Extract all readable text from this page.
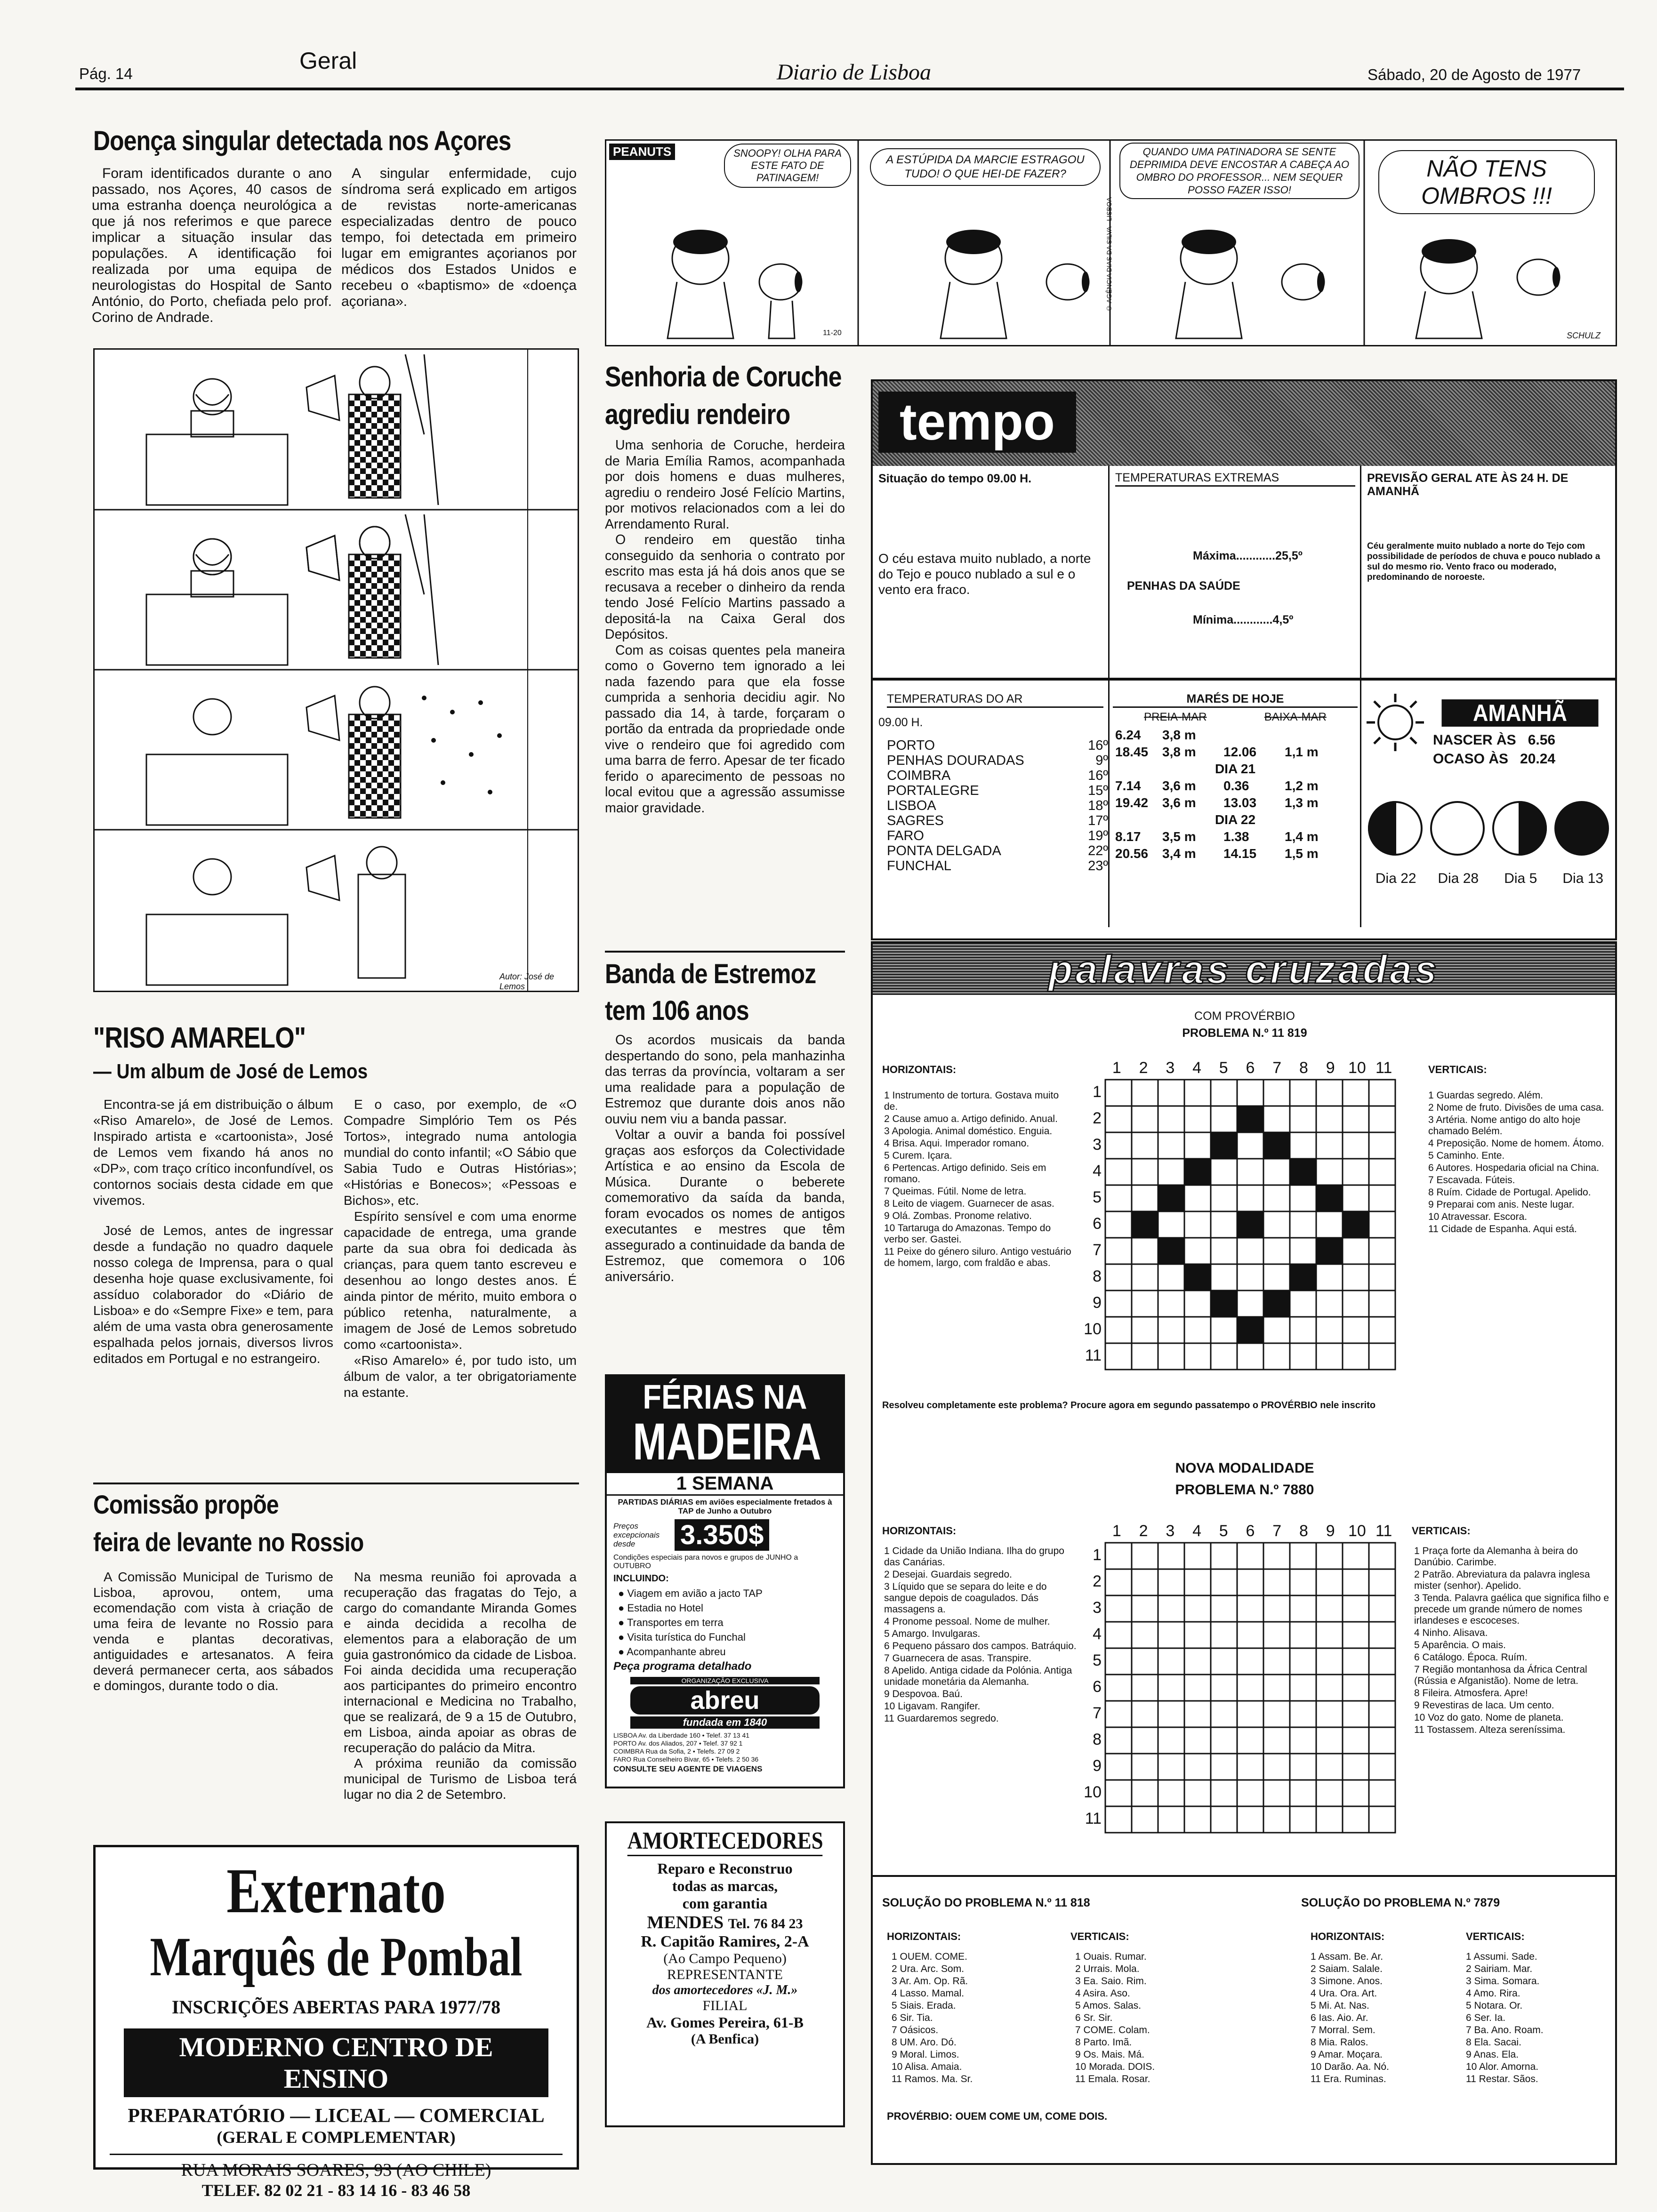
Pág. 14	Geral	Diario de Lisboa	Sábado, 20 de Agosto de 1977
Doença singular detectada nos Açores

Foram identificados durante o ano passado, nos Açores, 40 casos de uma estranha doença neurológica a que já nos referimos e que parece implicar a situação insular das populações. A identificação foi realizada por uma equipa de neurologistas do Hospital de Santo António, do Porto, chefiada pelo prof. Corino de Andrade.

A singular enfermidade, cujo síndroma será explicado em artigos de revistas norte-americanas especializadas dentro de pouco tempo, foi detectada em primeiro lugar em emigrantes açorianos por médicos dos Estados Unidos e recebeu o «baptismo» de «doença açoriana».

Autor: José de Lemos
"RISO AMARELO"
— Um album de José de Lemos

Encontra-se já em distribuição o álbum «Riso Amarelo», de José de Lemos. Inspirado artista e «cartoonista», José de Lemos vem fixando há anos no «DP», com traço crítico inconfundível, os contornos sociais desta cidade em que vivemos.

José de Lemos, antes de ingressar desde a fundação no quadro daquele nosso colega de Imprensa, para o qual desenha hoje quase exclusivamente, foi assíduo colaborador do «Diário de Lisboa» e do «Sempre Fixe» e tem, para além de uma vasta obra generosamente espalhada pelos jornais, diversos livros editados em Portugal e no estrangeiro.

E o caso, por exemplo, de «O Compadre Simplório Tem os Pés Tortos», integrado numa antologia mundial do conto infantil; «O Sábio que Sabia Tudo e Outras Histórias»; «Histórias e Bonecos»; «Pessoas e Bichos», etc.

Espírito sensível e com uma enorme capacidade de entrega, uma grande parte da sua obra foi dedicada às crianças, para quem tanto escreveu e desenhou ao longo destes anos. É ainda pintor de mérito, muito embora o público retenha, naturalmente, a imagem de José de Lemos sobretudo como «cartoonista».

«Riso Amarelo» é, por tudo isto, um álbum de valor, a ter obrigatoriamente na estante.

Comissão propõe
feira de levante no Rossio

A Comissão Municipal de Turismo de Lisboa, aprovou, ontem, uma ecomendação com vista à criação de uma feira de levante no Rossio para venda e plantas decorativas, antiguidades e artesanatos. A feira deverá permanecer certa, aos sábados e domingos, durante todo o dia.

Na mesma reunião foi aprovada a recuperação das fragatas do Tejo, a cargo do comandante Miranda Gomes e ainda decidida a recolha de elementos para a elaboração de um guia gastronómico da cidade de Lisboa. Foi ainda decidida uma recuperação aos participantes do primeiro encontro internacional e Medicina no Trabalho, que se realizará, de 9 a 15 de Outubro, em Lisboa, ainda apoiar as obras de recuperação do palácio da Mitra.

A próxima reunião da comissão municipal de Turismo de Lisboa terá lugar no dia 2 de Setembro.

Externato
Marquês de Pombal
INSCRIÇÕES ABERTAS PARA 1977/78
MODERNO CENTRO DE ENSINO
PREPARATÓRIO — LICEAL — COMERCIAL
(GERAL E COMPLEMENTAR)
RUA MORAIS SOARES, 93 (AO CHILE)
TELEF. 82 02 21 - 83 14 16 - 83 46 58
PEANUTS	SNOOPY! OLHA PARA ESTE FATO DE PATINAGEM!
A ESTÚPIDA DA MARCIE ESTRAGOU TUDO! O QUE HEI-DE FAZER?
QUANDO UMA PATINADORA SE SENTE DEPRIMIDA DEVE ENCOSTAR A CABEÇA AO OMBRO DO PROFESSOR... NEM SEQUER POSSO FAZER ISSO!
NÃO TENS OMBROS !!!
© AGÊNCIA DIAS DA SILVA - LISBOA
11-20	SCHULZ
Senhoria de Coruche
agrediu rendeiro

Uma senhoria de Coruche, herdeira de Maria Emília Ramos, acompanhada por dois homens e duas mulheres, agrediu o rendeiro José Felício Martins, por motivos relacionados com a lei do Arrendamento Rural.

O rendeiro em questão tinha conseguido da senhoria o contrato por escrito mas esta já há dois anos que se recusava a receber o dinheiro da renda tendo José Felício Martins passado a depositá-la na Caixa Geral dos Depósitos.

Com as coisas quentes pela maneira como o Governo tem ignorado a lei nada fazendo para que ela fosse cumprida a senhoria decidiu agir. No passado dia 14, à tarde, forçaram o portão da entrada da propriedade onde vive o rendeiro que foi agredido com uma barra de ferro. Apesar de ter ficado ferido o aparecimento de pessoas no local evitou que a agressão assumisse maior gravidade.

Banda de Estremoz
tem 106 anos

Os acordos musicais da banda despertando do sono, pela manhazinha das terras da província, voltaram a ser uma realidade para a população de Estremoz que durante dois anos não ouviu nem viu a banda passar.

Voltar a ouvir a banda foi possível graças aos esforços da Colectividade Artística e ao ensino da Escola de Música. Durante o beberete comemorativo da saída da banda, foram evocados os nomes de antigos executantes e mestres que têm assegurado a continuidade da banda de Estremoz, que comemora o 106 aniversário.

FÉRIAS NA
MADEIRA
1 SEMANA
PARTIDAS DIÁRIAS em aviões especialmente fretados à TAP de Junho a Outubro
Preços excepcionais desde	3.350$
Condições especiais para novos e grupos de JUNHO a OUTUBRO
INCLUINDO:
● Viagem em avião a jacto TAP
● Estadia no Hotel
● Transportes em terra
● Visita turística do Funchal
● Acompanhante abreu
Peça programa detalhado
ORGANIZAÇÃO EXCLUSIVA
abreu
fundada em 1840
LISBOA Av. da Liberdade 160 • Telef. 37 13 41
PORTO Av. dos Aliados, 207 • Telef. 37 92 1
COIMBRA Rua da Sofia, 2 • Telefs. 27 09 2
FARO Rua Conselheiro Bivar, 65 • Telefs. 2 50 36
CONSULTE SEU AGENTE DE VIAGENS
AMORTECEDORES
Reparo e Reconstruo
todas as marcas,
com garantia
MENDES Tel. 76 84 23
R. Capitão Ramires, 2-A
(Ao Campo Pequeno)
REPRESENTANTE
dos amortecedores «J. M.»
FILIAL
Av. Gomes Pereira, 61-B
(A Benfica)
tempo
Situação do tempo 09.00 H.
O céu estava muito nublado, a norte do Tejo e pouco nublado a sul e o vento era fraco.
TEMPERATURAS EXTREMAS
Máxima............25,5º
PENHAS DA SAÚDE
Mínima............4,5º
PREVISÃO GERAL ATE ÀS 24 H. DE AMANHÃ
Céu geralmente muito nublado a norte do Tejo com possibilidade de períodos de chuva e pouco nublado a sul do mesmo rio. Vento fraco ou moderado, predominando de noroeste.
TEMPERATURAS DO AR
09.00 H.
PORTO	16º
PENHAS DOURADAS	9º
COIMBRA	16º
PORTALEGRE	15º
LISBOA	18º
SAGRES	17º
FARO	19º
PONTA DELGADA	22º
FUNCHAL	23º
MARÉS DE HOJE
PREIA-MAR	BAIXA-MAR
6.24	3,8 m
18.45	3,8 m	12.06	1,1 m
DIA 21
7.14	3,6 m	0.36	1,2 m
19.42	3,6 m	13.03	1,3 m
DIA 22
8.17	3,5 m	1.38	1,4 m
20.56	3,4 m	14.15	1,5 m
AMANHÃ
NASCER ÀS 6.56
OCASO ÀS 20.24
Dia 22	Dia 28	Dia 5	Dia 13
palavras cruzadas
COM PROVÉRBIO
PROBLEMA N.º 11 819
HORIZONTAIS:	VERTICAIS:
1 Instrumento de tortura. Gostava muito de.
2 Cause amuo a. Artigo definido. Anual.
3 Apologia. Animal doméstico. Enguia.
4 Brisa. Aqui. Imperador romano.
5 Curem. Içara.
6 Pertencas. Artigo definido. Seis em romano.
7 Queimas. Fútil. Nome de letra.
8 Leito de viagem. Guarnecer de asas.
9 Olá. Zombas. Pronome relativo.
10 Tartaruga do Amazonas. Tempo do verbo ser. Gastei.
11 Peixe do género siluro. Antigo vestuário de homem, largo, com fraldão e abas.
1 Guardas segredo. Além.
2 Nome de fruto. Divisões de uma casa.
3 Artéria. Nome antigo do alto hoje chamado Belém.
4 Preposição. Nome de homem. Átomo.
5 Caminho. Ente.
6 Autores. Hospedaria oficial na China.
7 Escavada. Fúteis.
8 Ruím. Cidade de Portugal. Apelido.
9 Preparai com anis. Neste lugar.
10 Atravessar. Escora.
11 Cidade de Espanha. Aqui está.
1	2	3	4	5	6	7	8	9 10 11
1
2
3
4
5
6
7
8
9
10
11
Resolveu completamente este problema? Procure agora em segundo passatempo o PROVÉRBIO nele inscrito
NOVA MODALIDADE
PROBLEMA N.º 7880
HORIZONTAIS:	VERTICAIS:
1 Cidade da União Indiana. Ilha do grupo das Canárias.
2 Desejai. Guardais segredo.
3 Líquido que se separa do leite e do sangue depois de coagulados. Dás massagens a.
4 Pronome pessoal. Nome de mulher.
5 Amargo. Invulgaras.
6 Pequeno pássaro dos campos. Batráquio.
7 Guarnecera de asas. Transpire.
8 Apelido. Antiga cidade da Polónia. Antiga unidade monetária da Alemanha.
9 Despovoa. Baú.
10 Ligavam. Rangifer.
11 Guardaremos segredo.
1 Praça forte da Alemanha à beira do Danúbio. Carimbe.
2 Patrão. Abreviatura da palavra inglesa mister (senhor). Apelido.
3 Tenda. Palavra gaélica que significa filho e precede um grande número de nomes irlandeses e escoceses.
4 Ninho. Alisava.
5 Aparência. O mais.
6 Catálogo. Época. Ruím.
7 Região montanhosa da África Central (Rússia e Afganistão). Nome de letra.
8 Fileira. Atmosfera. Apre!
9 Revestiras de laca. Um cento.
10 Voz do gato. Nome de planeta.
11 Tostassem. Alteza sereníssima.
1	2	3	4	5	6	7	8	9 10 11
1
2
3
4
5
6
7
8
9
10
11
SOLUÇÃO DO PROBLEMA N.º 11 818	SOLUÇÃO DO PROBLEMA N.º 7879
HORIZONTAIS:	VERTICAIS:	HORIZONTAIS:	VERTICAIS:
1 OUEM. COME.
2 Ura. Arc. Som.
3 Ar. Am. Op. Rã.
4 Lasso. Mamal.
5 Siais. Erada.
6 Sir. Tia.
7 Oásicos.
8 UM. Aro. Dó.
9 Moral. Limos.
10 Alisa. Amaia.
11 Ramos. Ma. Sr.
1 Ouais. Rumar.
2 Urrais. Mola.
3 Ea. Saio. Rim.
4 Asira. Aso.
5 Amos. Salas.
6 Sr. Sir.
7 COME. Colam.
8 Parto. Imã.
9 Os. Mais. Má.
10 Morada. DOIS.
11 Emala. Rosar.
1 Assam. Be. Ar.
2 Saiam. Salale.
3 Simone. Anos.
4 Ura. Ora. Art.
5 Mi. At. Nas.
6 Ias. Aio. Ar.
7 Morral. Sem.
8 Mia. Ralos.
9 Amar. Moçara.
10 Darão. Aa. Nó.
11 Era. Ruminas.
1 Assumi. Sade.
2 Sairiam. Mar.
3 Sima. Somara.
4 Amo. Rira.
5 Notara. Or.
6 Ser. Ia.
7 Ba. Ano. Roam.
8 Ela. Sacai.
9 Anas. Ela.
10 Alor. Amorna.
11 Restar. Sãos.
PROVÉRBIO: OUEM COME UM, COME DOIS.
